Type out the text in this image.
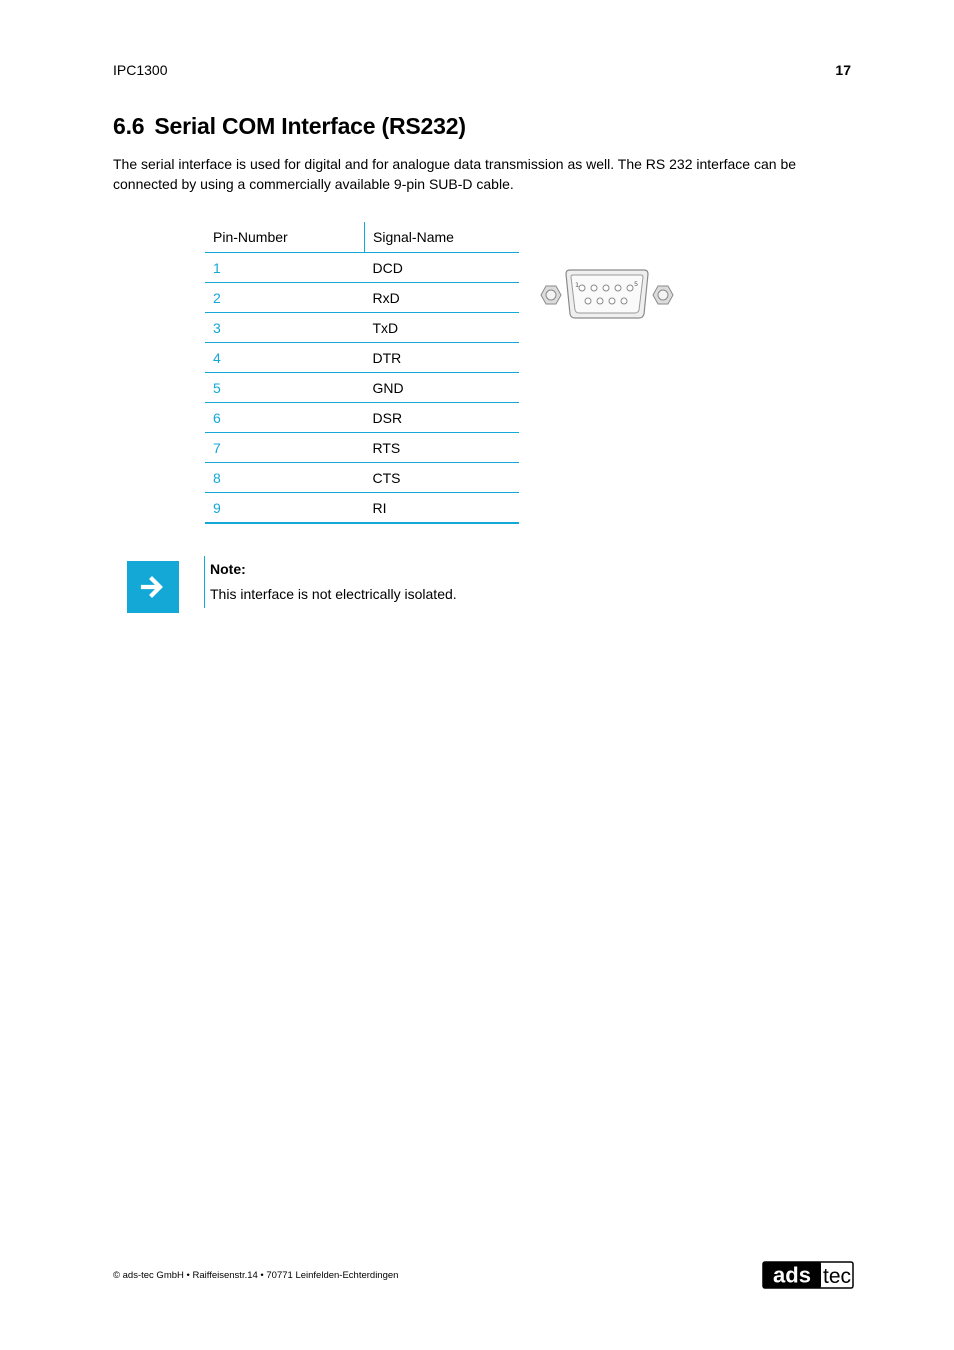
IPC1300	17
6.6 Serial COM Interface (RS232)

The serial interface is used for digital and for analogue data transmission as well. The RS 232 interface can be connected by using a commercially available 9-pin SUB-D cable.

Pin-Number	Signal-Name
1	DCD
2	RxD
3	TxD
4	DTR
5	GND
6	DSR
7	RTS
8	CTS
9	RI
1	5
Note:
This interface is not electrically isolated.
© ads-tec GmbH • Raiffeisenstr.14 • 70771 Leinfelden-Echterdingen	ads tec
